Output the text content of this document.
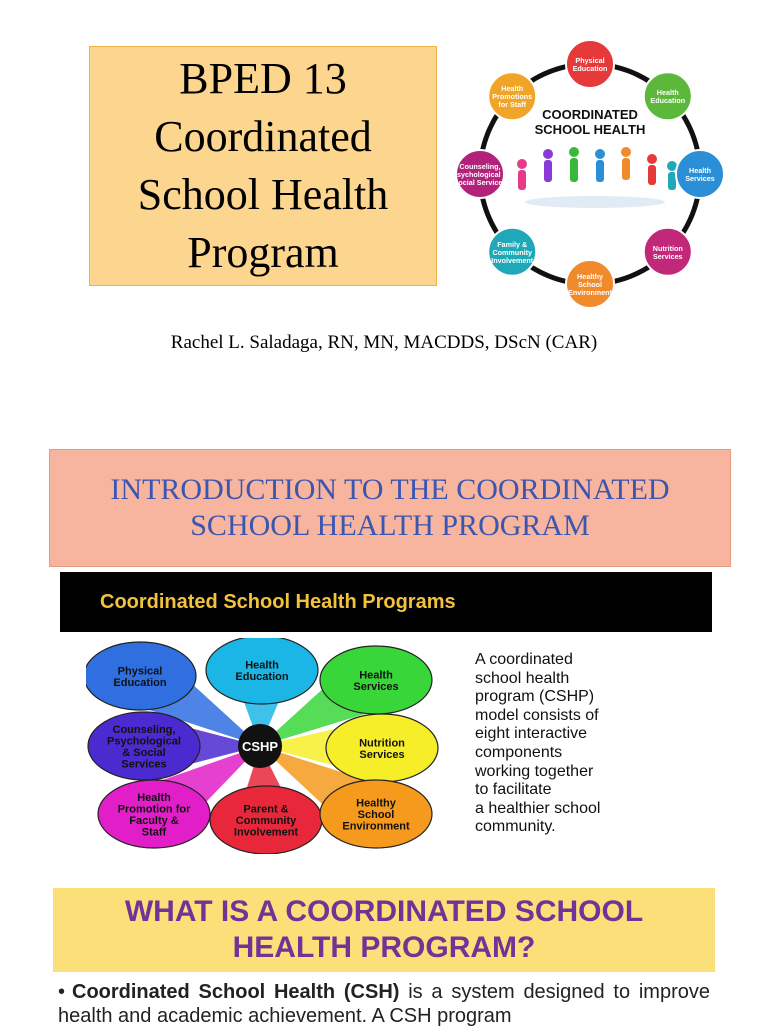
BPED 13
Coordinated
School Health
Program
COORDINATED
SCHOOL HEALTH
Physical
Education
Health
Education
Health
Services
Nutrition
Services
Healthy
School
Environment
Family &
Community
Involvement
Counseling,
Psychological &
Social Services
Health
Promotions
for Staff
Rachel L. Saladaga, RN, MN, MACDDS, DScN (CAR)
INTRODUCTION TO THE COORDINATED
SCHOOL HEALTH PROGRAM
Coordinated School Health Programs
Physical
Education
Health
Education	Health
Services
Counseling,
Psychological
& Social
Services
Nutrition
Services
Health
Promotion for
Faculty &
Staff
Parent &
Community
Involvement
Healthy
School
Environment
CSHP
A coordinated
school health
program (CSHP)
model consists of
eight interactive
components
working together
to facilitate
a healthier school
community.
WHAT IS A COORDINATED SCHOOL
HEALTH PROGRAM?
• Coordinated School Health (CSH) is a system designed to improve health and academic achievement. A CSH program
